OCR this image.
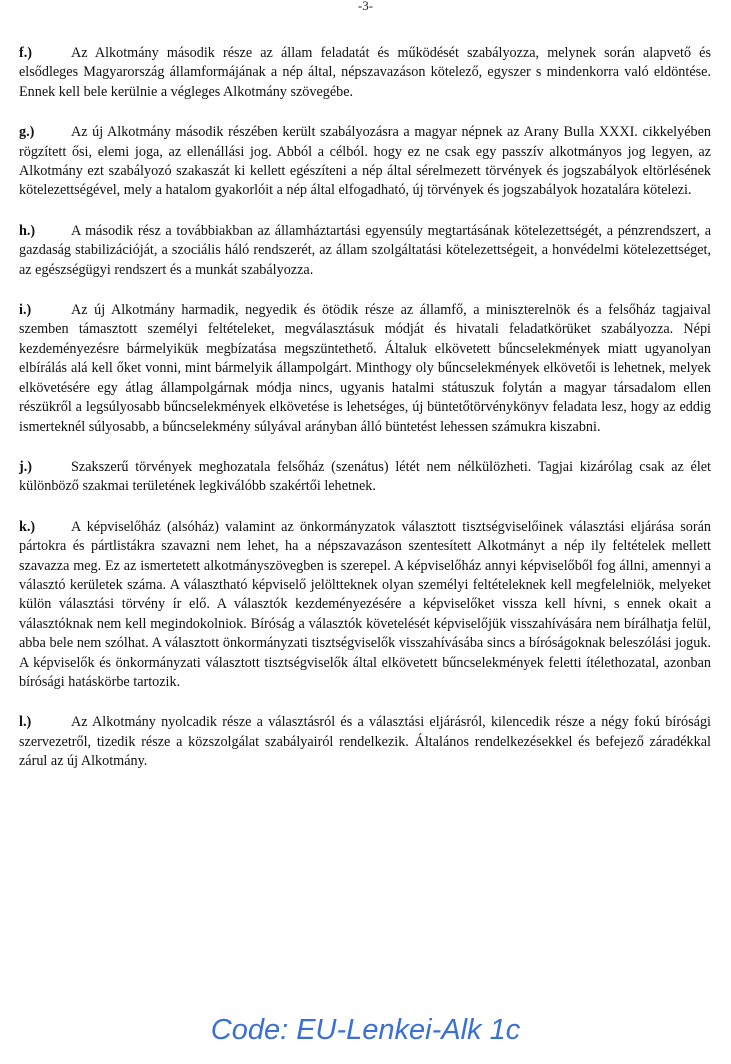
-3-

f.)	Az Alkotmány második része az állam feladatát és működését szabályozza, melynek során alapvető és elsődleges Magyarország államformájának a nép által, népszavazáson kötelező, egyszer s mindenkorra való eldöntése. Ennek kell bele kerülnie a végleges Alkotmány szövegébe.

g.)	Az új Alkotmány második részében került szabályozásra a magyar népnek az Arany Bulla XXXI. cikkelyében rögzített ősi, elemi joga, az ellenállási jog. Abból a célból. hogy ez ne csak egy passzív alkotmányos jog legyen, az Alkotmány ezt szabályozó szakaszát ki kellett egészíteni a nép által sérelmezett törvények és jogszabályok eltörlésének kötelezettségével, mely a hatalom gyakorlóit a nép által elfogadható, új törvények és jogszabályok hozatalára kötelezi.

h.)	A második rész a továbbiakban az államháztartási egyensúly megtartásának kötelezettségét, a pénzrendszert, a gazdaság stabilizációját, a szociális háló rendszerét, az állam szolgáltatási kötelezettségeit, a honvédelmi kötelezettséget, az egészségügyi rendszert és a munkát szabályozza.

i.)	Az új Alkotmány harmadik, negyedik és ötödik része az államfő, a miniszterelnök és a felsőház tagjaival szemben támasztott személyi feltételeket, megválasztásuk módját és hivatali feladatkörüket szabályozza. Népi kezdeményezésre bármelyikük megbízatása megszüntethető. Általuk elkövetett bűncselekmények miatt ugyanolyan elbírálás alá kell őket vonni, mint bármelyik állampolgárt. Minthogy oly bűncselekmények elkövetői is lehetnek, melyek elkövetésére egy átlag állampolgárnak módja nincs, ugyanis hatalmi státuszuk folytán a magyar társadalom ellen részükről a legsúlyosabb bűncselekmények elkövetése is lehetséges, új büntetőtörvénykönyv feladata lesz, hogy az eddig ismerteknél súlyosabb, a bűncselekmény súlyával arányban álló büntetést lehessen számukra kiszabni.

j.)	Szakszerű törvények meghozatala felsőház (szenátus) létét nem nélkülözheti. Tagjai kizárólag csak az élet különböző szakmai területének legkiválóbb szakértői lehetnek.

k.)	A képviselőház (alsóház) valamint az önkormányzatok választott tisztségviselőinek választási eljárása során pártokra és pártlistákra szavazni nem lehet, ha a népszavazáson szentesített Alkotmányt a nép ily feltételek mellett szavazza meg. Ez az ismertetett alkotmányszövegben is szerepel. A képviselőház annyi képviselőből fog állni, amennyi a választó kerületek száma. A választható képviselő jelöltteknek olyan személyi feltételeknek kell megfelelniök, melyeket külön választási törvény ír elő. A választók kezdeményezésére a képviselőket vissza kell hívni, s ennek okait a választóknak nem kell megindokolniok. Bíróság a választók követelését képviselőjük visszahívására nem bírálhatja felül, abba bele nem szólhat. A választott önkormányzati tisztségviselők visszahívásába sincs a bíróságoknak beleszólási joguk. A képviselők és önkormányzati választott tisztségviselők által elkövetett bűncselekmények feletti ítélethozatal, azonban bírósági hatáskörbe tartozik.

l.)	Az Alkotmány nyolcadik része a választásról és a választási eljárásról, kilencedik része a négy fokú bírósági szervezetről, tizedik része a közszolgálat szabályairól rendelkezik. Általános rendelkezésekkel és befejező záradékkal zárul az új Alkotmány.

Code: EU-Lenkei-Alk 1c
